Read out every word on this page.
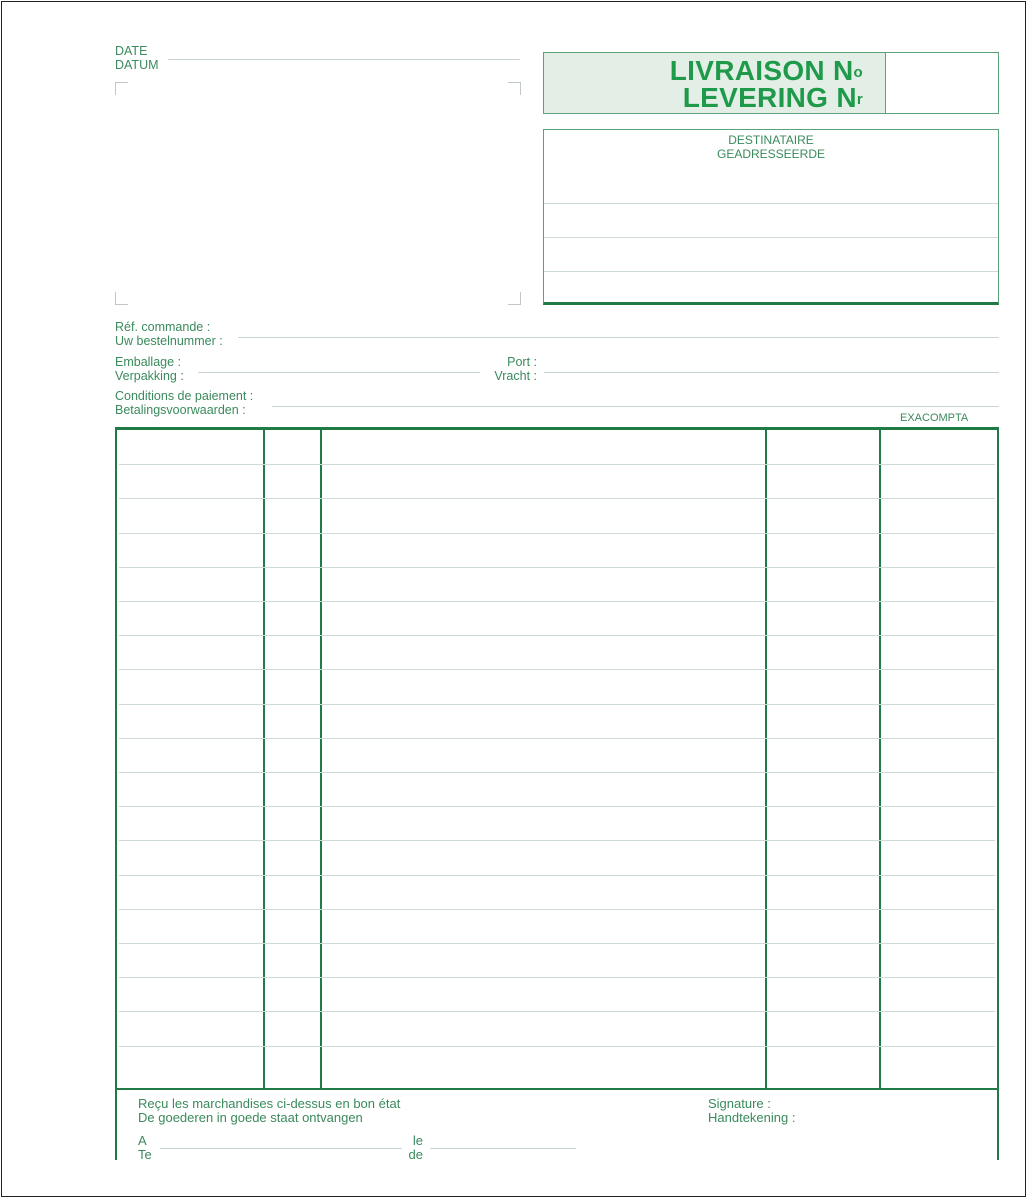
DATE
DATUM	LIVRAISON $N^o$
LEVERING $N^r$
DESTINATAIRE
GEADRESSEERDE
Réf. commande :
Uw bestelnummer :
Emballage :
Verpakking :
Port :
Vracht :
Conditions de paiement :
Betalingsvoorwaarden :
EXACOMPTA
Reçu les marchandises ci-dessus en bon état
De goederen in goede staat ontvangen
A
Te
le
de
Signature :
Handtekening :
